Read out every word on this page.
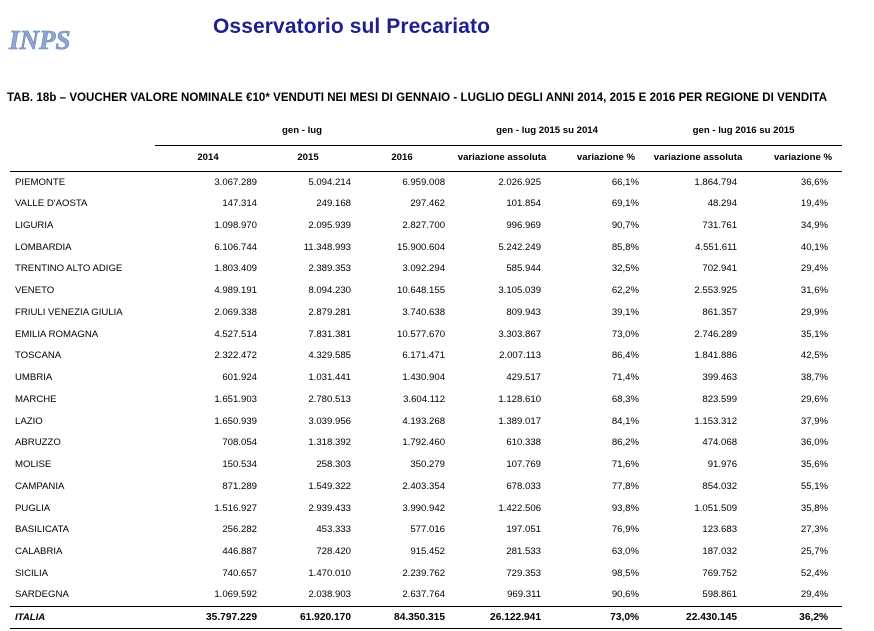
INPS	Osservatorio sul Precariato
TAB. 18b – VOUCHER VALORE NOMINALE €10* VENDUTI NEI MESI DI GENNAIO - LUGLIO DEGLI ANNI 2014, 2015 E 2016 PER REGIONE DI VENDITA
	gen - lug			gen - lug 2015 su 2014		gen - lug 2016 su 2015	
	2014	2015	2016	variazione assoluta	variazione %	variazione assoluta	variazione %
PIEMONTE	3.067.289	5.094.214	6.959.008	2.026.925	66,1%	1.864.794	36,6%
VALLE D'AOSTA	147.314	249.168	297.462	101.854	69,1%	48.294	19,4%
LIGURIA	1.098.970	2.095.939	2.827.700	996.969	90,7%	731.761	34,9%
LOMBARDIA	6.106.744	11.348.993	15.900.604	5.242.249	85,8%	4.551.611	40,1%
TRENTINO ALTO ADIGE	1.803.409	2.389.353	3.092.294	585.944	32,5%	702.941	29,4%
VENETO	4.989.191	8.094.230	10.648.155	3.105.039	62,2%	2.553.925	31,6%
FRIULI VENEZIA GIULIA	2.069.338	2.879.281	3.740.638	809.943	39,1%	861.357	29,9%
EMILIA ROMAGNA	4.527.514	7.831.381	10.577.670	3.303.867	73,0%	2.746.289	35,1%
TOSCANA	2.322.472	4.329.585	6.171.471	2.007.113	86,4%	1.841.886	42,5%
UMBRIA	601.924	1.031.441	1.430.904	429.517	71,4%	399.463	38,7%
MARCHE	1.651.903	2.780.513	3.604.112	1.128.610	68,3%	823.599	29,6%
LAZIO	1.650.939	3.039.956	4.193.268	1.389.017	84,1%	1.153.312	37,9%
ABRUZZO	708.054	1.318.392	1.792.460	610.338	86,2%	474.068	36,0%
MOLISE	150.534	258.303	350.279	107.769	71,6%	91.976	35,6%
CAMPANIA	871.289	1.549.322	2.403.354	678.033	77,8%	854.032	55,1%
PUGLIA	1.516.927	2.939.433	3.990.942	1.422.506	93,8%	1.051.509	35,8%
BASILICATA	256.282	453.333	577.016	197.051	76,9%	123.683	27,3%
CALABRIA	446.887	728.420	915.452	281.533	63,0%	187.032	25,7%
SICILIA	740.657	1.470.010	2.239.762	729.353	98,5%	769.752	52,4%
SARDEGNA	1.069.592	2.038.903	2.637.764	969.311	90,6%	598.861	29,4%
ITALIA	35.797.229	61.920.170	84.350.315	26.122.941	73,0%	22.430.145	36,2%
